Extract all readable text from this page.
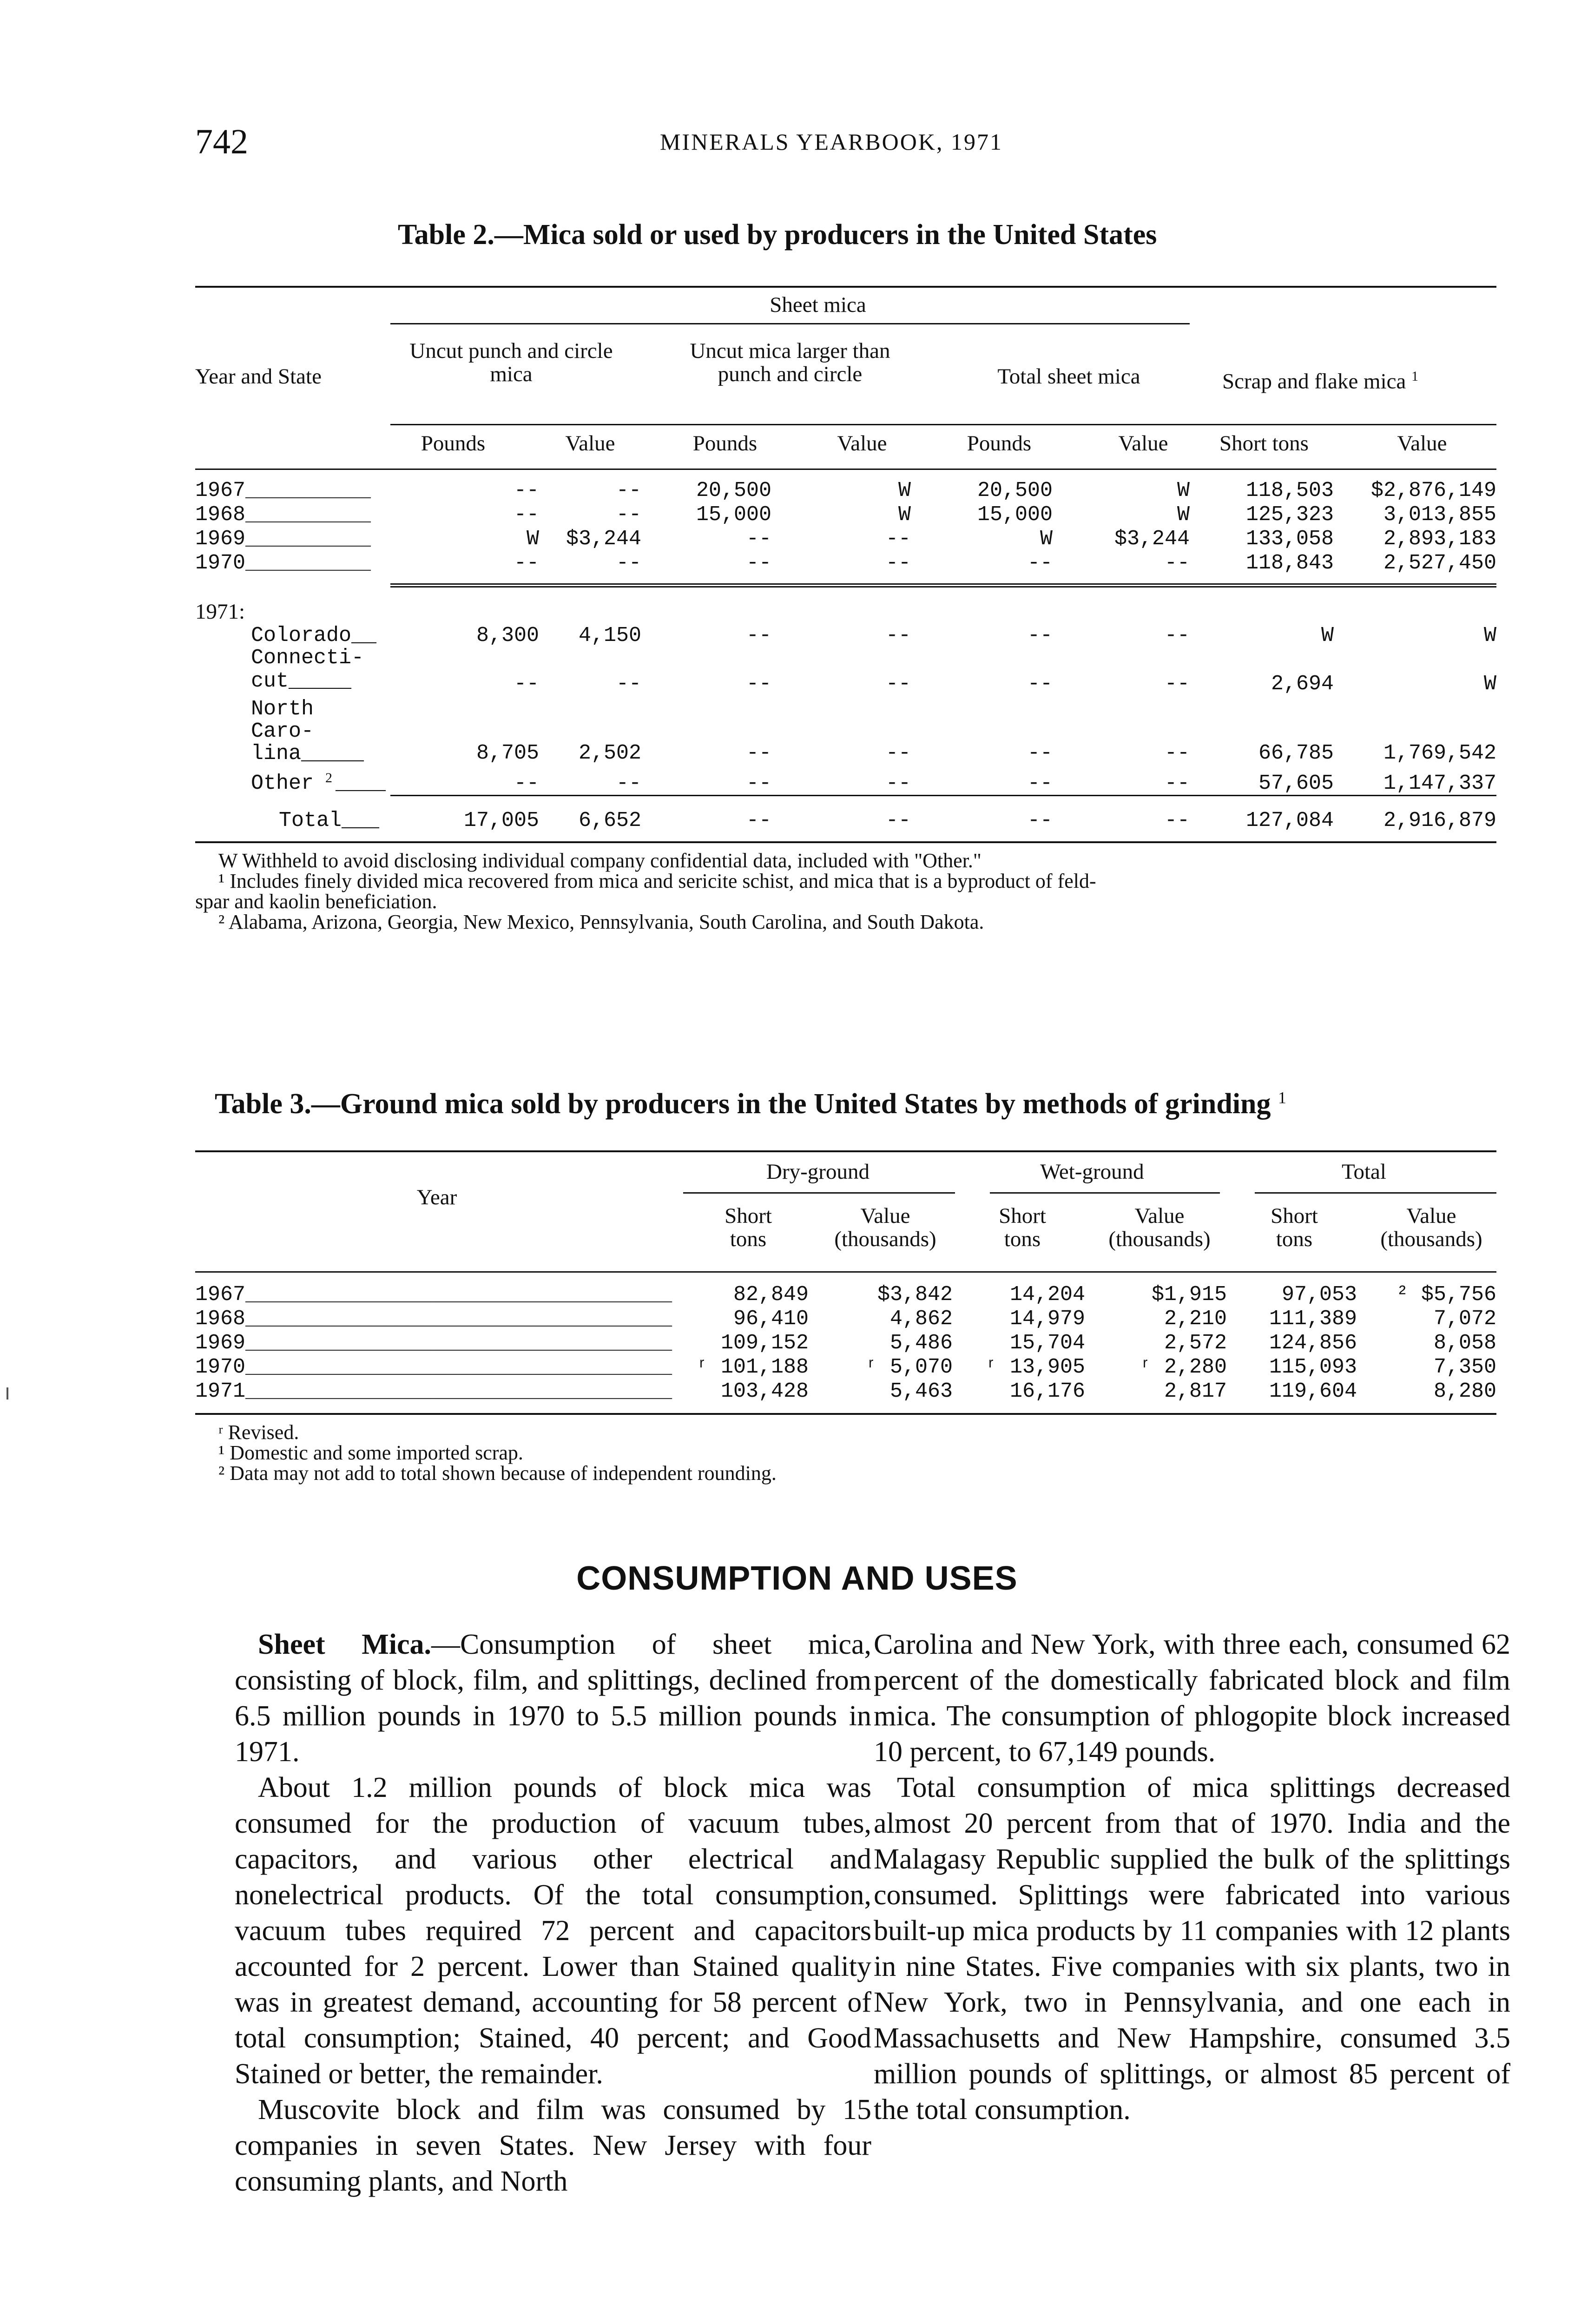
742	MINERALS YEARBOOK, 1971
Table 2.—Mica sold or used by producers in the United States
Sheet mica
Year and State
Uncut punch and circle mica
Uncut mica larger than punch and circle	Total sheet mica	Scrap and flake mica $^1$
Pounds	Value	Pounds	Value	Pounds	Value	Short tons	Value
1967 __________	--	--	20,500	W	20,500	W	118,503	$2,876,149
1968 __________	--	--	15,000	W	15,000	W	125,323	3,013,855
1969 __________	W	$3,244	--	--	W	$3,244	133,058	2,893,183
1970 __________	--	--	--	--	--	--	118,843	2,527,450
1971:
Colorado__	8,300	4,150	--	--	--	--	W	W
Connecti-
cut_____	--	--	--	--	--	--	2,694	W
North
Caro-
lina_____	8,705	2,502	--	--	--	--	66,785	1,769,542
Other 2 ____	--	--	--	--	--	--	57,605	1,147,337
Total___	17,005	6,652	--	--	--	--	127,084	2,916,879
W Withheld to avoid disclosing individual company confidential data, included with "Other."
¹ Includes finely divided mica recovered from mica and sericite schist, and mica that is a byproduct of feld-
spar and kaolin beneficiation.
² Alabama, Arizona, Georgia, New Mexico, Pennsylvania, South Carolina, and South Dakota.
Table 3.—Ground mica sold by producers in the United States by methods of grinding $^1$
Year
Dry-ground	Wet-ground	Total
Short
tons
Value
(thousands)
Short
tons
Value
(thousands)
Short
tons
Value
(thousands)
1967 __________________________________	82,849	$3,842	14,204	$1,915	97,053	² $5,756
1968 __________________________________	96,410	4,862	14,979	2,210	111,389	7,072
1969 __________________________________	109,152	5,486	15,704	2,572	124,856	8,058
1970 __________________________________	ʳ 101,188	ʳ 5,070	ʳ 13,905	ʳ 2,280	115,093	7,350
1971 __________________________________	103,428	5,463	16,176	2,817	119,604	8,280
ʳ Revised.
¹ Domestic and some imported scrap.
² Data may not add to total shown because of independent rounding.
CONSUMPTION AND USES

Sheet Mica.—Consumption of sheet mica, consisting of block, film, and splittings, declined from 6.5 million pounds in 1970 to 5.5 million pounds in 1971.

About 1.2 million pounds of block mica was consumed for the production of vacuum tubes, capacitors, and various other electrical and nonelectrical products. Of the total consumption, vacuum tubes required 72 percent and capacitors accounted for 2 percent. Lower than Stained quality was in greatest demand, accounting for 58 percent of total consumption; Stained, 40 percent; and Good Stained or better, the remainder.

Muscovite block and film was consumed by 15 companies in seven States. New Jersey with four consuming plants, and North

Carolina and New York, with three each, consumed 62 percent of the domestically fabricated block and film mica. The consumption of phlogopite block increased 10 percent, to 67,149 pounds.

Total consumption of mica splittings decreased almost 20 percent from that of 1970. India and the Malagasy Republic supplied the bulk of the splittings consumed. Splittings were fabricated into various built-up mica products by 11 companies with 12 plants in nine States. Five companies with six plants, two in New York, two in Pennsylvania, and one each in Massachusetts and New Hampshire, consumed 3.5 million pounds of splittings, or almost 85 percent of the total consumption.
